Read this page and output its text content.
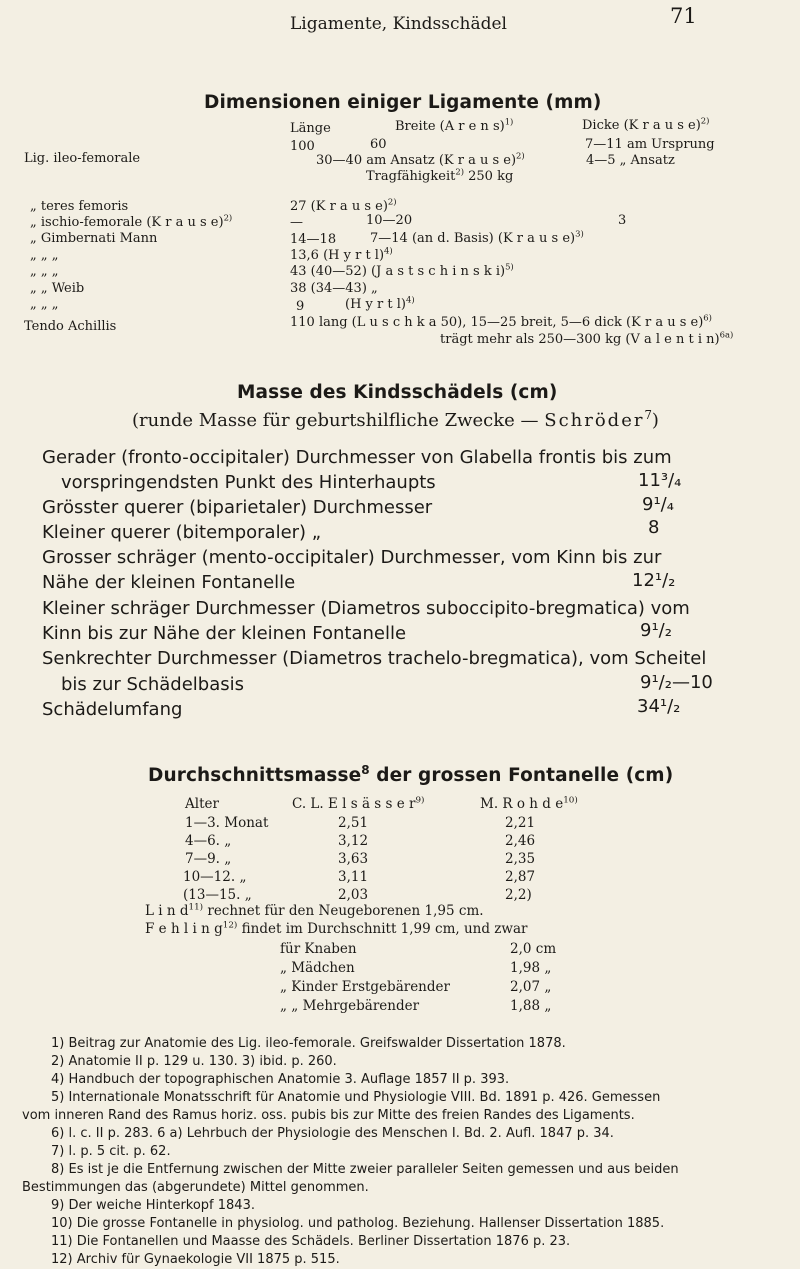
Ligamente, Kindsschädel	71
Dimensionen einiger Ligamente (mm)
Länge	Breite (A r e n s)$^{1)}$	Dicke (K r a u s e)$^{2)}$
Lig. ileo-femorale
100	60	7—11 am Ursprung
30—40 am Ansatz (K r a u s e)$^{2)}$	4—5 „ Ansatz
Tragfähigkeit$^{2)}$ 250 kg
„ teres femoris	27 (K r a u s e)$^{2)}$
„ ischio-femorale (K r a u s e)$^{2)}$	—	10—20	3
„ Gimbernati Mann	14—18	7—14 (an d. Basis) (K r a u s e)$^{3)}$
„ „ „	13,6 (H y r t l)$^{4)}$
„ „ „	43 (40—52) (J a s t s c h i n s k i)$^{5)}$
„ „ Weib	38 (34—43) „
„ „ „	9	(H y r t l)$^{4)}$
Tendo Achillis	110 lang (L u s c h k a 50), 15—25 breit, 5—6 dick (K r a u s e)$^{6)}$
trägt mehr als 250—300 kg (V a l e n t i n)$^{6a)}$
Masse des Kindsschädels (cm)
(runde Masse für geburtshilfliche Zwecke — Schröder$^7$)
Gerader (fronto-occipitaler) Durchmesser von Glabella frontis bis zum
vorspringendsten Punkt des Hinterhaupts	11³/₄
Grösster querer (biparietaler) Durchmesser	9¹/₄
Kleiner querer (bitemporaler) „	8
Grosser schräger (mento-occipitaler) Durchmesser, vom Kinn bis zur
Nähe der kleinen Fontanelle	12¹/₂
Kleiner schräger Durchmesser (Diametros suboccipito-bregmatica) vom
Kinn bis zur Nähe der kleinen Fontanelle	9¹/₂
Senkrechter Durchmesser (Diametros trachelo-bregmatica), vom Scheitel
bis zur Schädelbasis	9¹/₂—10
Schädelumfang	34¹/₂
Durchschnittsmasse$^8$ der grossen Fontanelle (cm)
Alter	C. L. E l s ä s s e $r^{9)}$	M. R o h d $e^{10)}$
1—3. Monat	2,51	2,21
4—6. „	3,12	2,46
7—9. „	3,63	2,35
10—12. „	3,11	2,87
(13—15. „	2,03	2,2)
L i n $d^{11)}$ rechnet für den Neugeborenen 1,95 cm.
F e h l i n $g^{12)}$ findet im Durchschnitt 1,99 cm, und zwar
für Knaben	2,0 cm
„ Mädchen	1,98 „
„ Kinder Erstgebärender	2,07 „
„ „ Mehrgebärender	1,88 „
1) Beitrag zur Anatomie des Lig. ileo-femorale. Greifswalder Dissertation 1878.
2) Anatomie II p. 129 u. 130. 3) ibid. p. 260.
4) Handbuch der topographischen Anatomie 3. Auflage 1857 II p. 393.
5) Internationale Monatsschrift für Anatomie und Physiologie VIII. Bd. 1891 p. 426. Gemessen
vom inneren Rand des Ramus horiz. oss. pubis bis zur Mitte des freien Randes des Ligaments.
6) l. c. II p. 283. 6 a) Lehrbuch der Physiologie des Menschen I. Bd. 2. Aufl. 1847 p. 34.
7) l. p. 5 cit. p. 62.
8) Es ist je die Entfernung zwischen der Mitte zweier paralleler Seiten gemessen und aus beiden
Bestimmungen das (abgerundete) Mittel genommen.
9) Der weiche Hinterkopf 1843.
10) Die grosse Fontanelle in physiolog. und patholog. Beziehung. Hallenser Dissertation 1885.
11) Die Fontanellen und Maasse des Schädels. Berliner Dissertation 1876 p. 23.
12) Archiv für Gynaekologie VII 1875 p. 515.
